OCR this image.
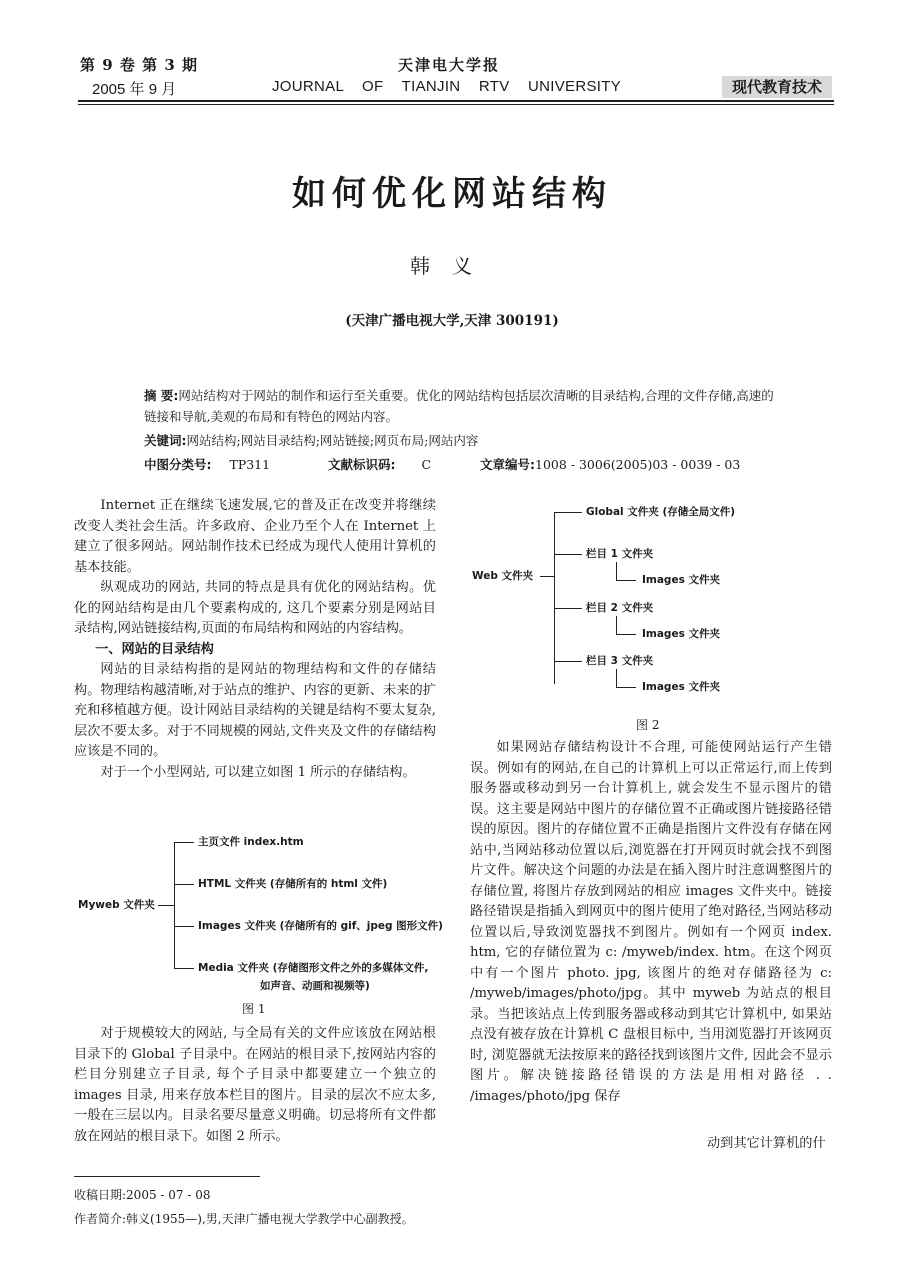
第 9 卷 第 3 期
2005 年 9 月
天津电大学报
JOURNAL OF TIANJIN RTV UNIVERSITY	现代教育技术
如何优化网站结构
韩义
(天津广播电视大学,天津 300191)
摘 要:网站结构对于网站的制作和运行至关重要。优化的网站结构包括层次清晰的目录结构,合理的文件存储,高速的链接和导航,美观的布局和有特色的网站内容。
关键词:网站结构;网站目录结构;网站链接;网页布局;网站内容
中图分类号: TP311	文献标识码: C	文章编号:1008 - 3006(2005)03 - 0039 - 03

Internet 正在继续飞速发展,它的普及正在改变并将继续改变人类社会生活。许多政府、企业乃至个人在 Internet 上建立了很多网站。网站制作技术已经成为现代人使用计算机的基本技能。

纵观成功的网站, 共同的特点是具有优化的网站结构。优化的网站结构是由几个要素构成的, 这几个要素分别是网站目录结构,网站链接结构,页面的布局结构和网站的内容结构。

一、网站的目录结构

网站的目录结构指的是网站的物理结构和文件的存储结构。物理结构越清晰,对于站点的维护、内容的更新、未来的扩充和移植越方便。设计网站目录结构的关键是结构不要太复杂,层次不要太多。对于不同规模的网站,文件夹及文件的存储结构应该是不同的。

对于一个小型网站, 可以建立如图 1 所示的存储结构。

Myweb 文件夹
主页文件 index.htm
HTML 文件夹 (存储所有的 html 文件)
Images 文件夹 (存储所有的 gif、jpeg 图形文件)
Media 文件夹 (存储图形文件之外的多媒体文件,
如声音、动画和视频等)
图 1

对于规模较大的网站, 与全局有关的文件应该放在网站根目录下的 Global 子目录中。在网站的根目录下,按网站内容的栏目分别建立子目录, 每个子目录中都要建立一个独立的 images 目录, 用来存放本栏目的图片。目录的层次不应太多,一般在三层以内。目录名要尽量意义明确。切忌将所有文件都放在网站的根目录下。如图 2 所示。

收稿日期:2005 - 07 - 08
作者简介:韩义(1955—),男,天津广播电视大学教学中心副教授。
Web 文件夹
Global 文件夹 (存储全局文件)
栏目 1 文件夹
Images 文件夹
栏目 2 文件夹
Images 文件夹
栏目 3 文件夹
Images 文件夹
图 2

如果网站存储结构设计不合理, 可能使网站运行产生错误。例如有的网站,在自己的计算机上可以正常运行,而上传到服务器或移动到另一台计算机上, 就会发生不显示图片的错误。这主要是网站中图片的存储位置不正确或图片链接路径错误的原因。图片的存储位置不正确是指图片文件没有存储在网站中,当网站移动位置以后,浏览器在打开网页时就会找不到图片文件。解决这个问题的办法是在插入图片时注意调整图片的存储位置, 将图片存放到网站的相应 images 文件夹中。链接路径错误是指插入到网页中的图片使用了绝对路径,当网站移动位置以后,导致浏览器找不到图片。例如有一个网页 index. htm, 它的存储位置为 c: /myweb/index. htm。在这个网页中有一个图片 photo. jpg, 该图片的绝对存储路径为 c: /myweb/images/photo/jpg。其中 myweb 为站点的根目录。当把该站点上传到服务器或移动到其它计算机中, 如果站点没有被存放在计算机 C 盘根目标中, 当用浏览器打开该网页时, 浏览器就无法按原来的路径找到该图片文件, 因此会不显示图片。解决链接路径错误的方法是用相对路径 . . /images/photo/jpg 保存

动到其它计算机的什
